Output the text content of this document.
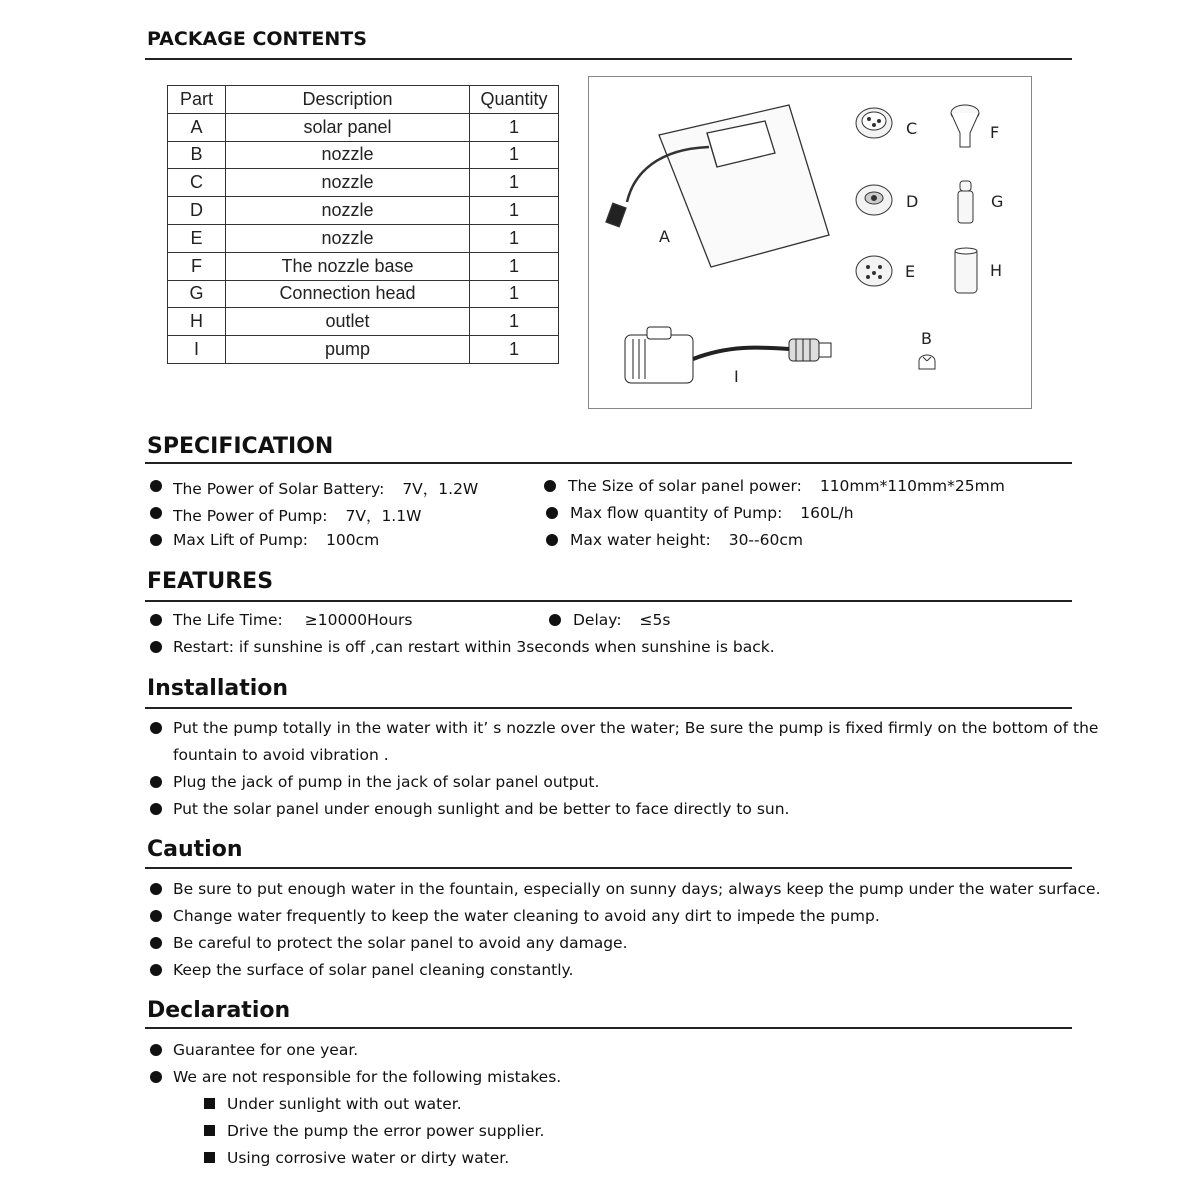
PACKAGE CONTENTS
Part	Description	Quantity
A	solar panel	1
B	nozzle	1
C	nozzle	1
D	nozzle	1
E	nozzle	1
F	The nozzle base	1
G	Connection head	1
H	outlet	1
I	pump	1
A
B
C
D
E
F
G
H
I
SPECIFICATION
The Power of Solar Battery: 7V，1.2W
The Power of Pump: 7V，1.1W
Max Lift of Pump: 100cm
The Size of solar panel power: 110mm*110mm*25mm
Max flow quantity of Pump: 160L/h
Max water height: 30--60cm
FEATURES
The Life Time: ≥10000Hours	Delay: ≤5s
Restart: if sunshine is off ,can restart within 3seconds when sunshine is back.
Installation
Put the pump totally in the water with it’ s nozzle over the water; Be sure the pump is fixed firmly on the bottom of the
fountain to avoid vibration .
Plug the jack of pump in the jack of solar panel output.
Put the solar panel under enough sunlight and be better to face directly to sun.
Caution
Be sure to put enough water in the fountain, especially on sunny days; always keep the pump under the water surface.
Change water frequently to keep the water cleaning to avoid any dirt to impede the pump.
Be careful to protect the solar panel to avoid any damage.
Keep the surface of solar panel cleaning constantly.
Declaration
Guarantee for one year.
We are not responsible for the following mistakes.
Under sunlight with out water.
Drive the pump the error power supplier.
Using corrosive water or dirty water.
